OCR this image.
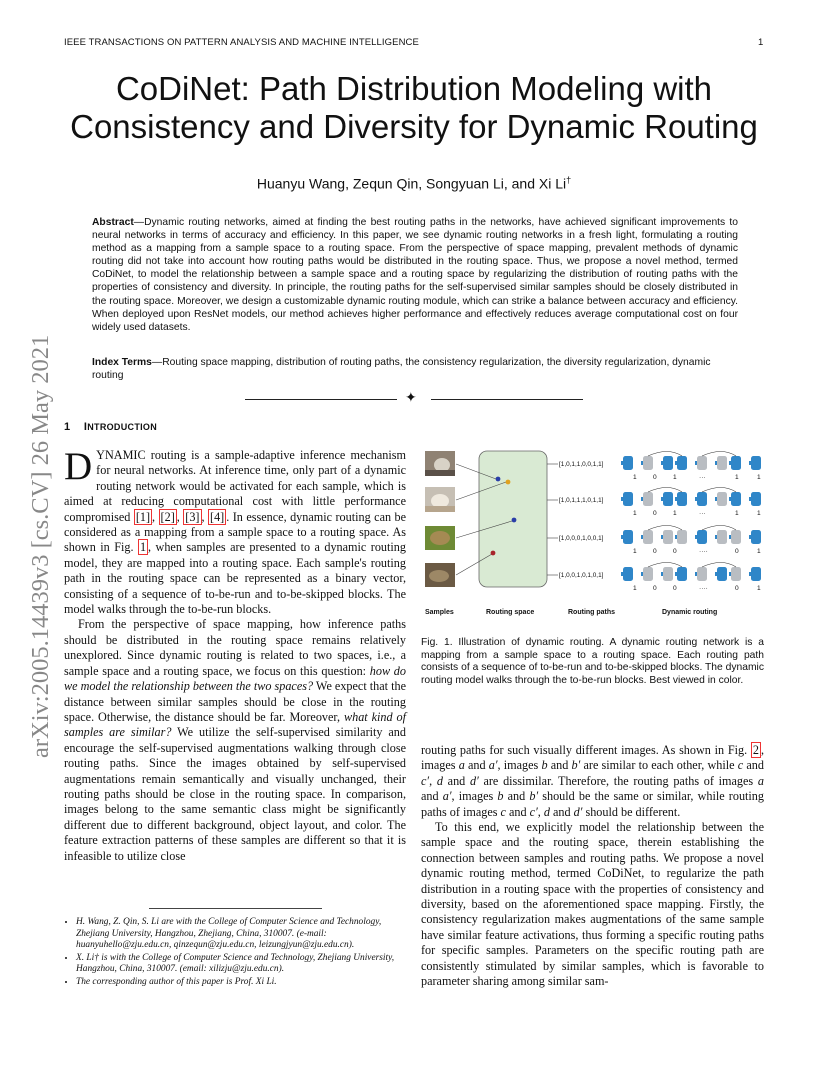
IEEE TRANSACTIONS ON PATTERN ANALYSIS AND MACHINE INTELLIGENCE	1
arXiv:2005.14439v3 [cs.CV] 26 May 2021
CoDiNet: Path Distribution Modeling with
Consistency and Diversity for Dynamic Routing
Huanyu Wang, Zequn Qin, Songyuan Li, and Xi Li†
Abstract—Dynamic routing networks, aimed at finding the best routing paths in the networks, have achieved significant improvements to neural networks in terms of accuracy and efficiency. In this paper, we see dynamic routing networks in a fresh light, formulating a routing method as a mapping from a sample space to a routing space. From the perspective of space mapping, prevalent methods of dynamic routing did not take into account how routing paths would be distributed in the routing space. Thus, we propose a novel method, termed CoDiNet, to model the relationship between a sample space and a routing space by regularizing the distribution of routing paths with the properties of consistency and diversity. In principle, the routing paths for the self-supervised similar samples should be closely distributed in the routing space. Moreover, we design a customizable dynamic routing module, which can strike a balance between accuracy and efficiency. When deployed upon ResNet models, our method achieves higher performance and effectively reduces average computational cost on four widely used datasets.
Index Terms—Routing space mapping, distribution of routing paths, the consistency regularization, the diversity regularization, dynamic routing
✦
1 INTRODUCTION

DYNAMIC routing is a sample-adaptive inference mechanism for neural networks. At inference time, only part of a dynamic routing network would be activated for each sample, which is aimed at reducing computational cost with little performance compromised [1] , [2] , [3] , [4] . In essence, dynamic routing can be considered as a mapping from a sample space to a routing space. As shown in Fig. 1 , when samples are presented to a dynamic routing model, they are mapped into a routing space. Each sample's routing path in the routing space can be represented as a binary vector, consisting of a sequence of to-be-run and to-be-skipped blocks. The model walks through the to-be-run blocks.

From the perspective of space mapping, how inference paths should be distributed in the routing space remains relatively unexplored. Since dynamic routing is related to two spaces, i.e., a sample space and a routing space, we focus on this question: how do we model the relationship between the two spaces? We expect that the distance between similar samples should be close in the routing space. Otherwise, the distance should be far. Moreover, what kind of samples are similar? We utilize the self-supervised similarity and encourage the self-supervised augmentations walking through close routing paths. Since the images obtained by self-supervised augmentations remain semantically and visually unchanged, their routing paths should be close in the routing space. In comparison, images belong to the same semantic class might be significantly different due to different background, object layout, and color. The feature extraction patterns of these samples are different so that it is infeasible to utilize close

• H. Wang, Z. Qin, S. Li are with the College of Computer Science and Technology, Zhejiang University, Hangzhou, Zhejiang, China, 310007. (e-mail: huanyuhello@zju.edu.cn, qinzequn@zju.edu.cn, leizungjyun@zju.edu.cn).
• X. Li† is with the College of Computer Science and Technology, Zhejiang University, Hangzhou, China, 310007. (email: xilizju@zju.edu.cn).
• The corresponding author of this paper is Prof. Xi Li.
[1,0,1,1,0,0,1,1]
[1,0,1,1,1,0,1,1]
[1,0,0,0,1,0,0,1]
[1,0,0,1,0,1,0,1]
1 0 1	···	1	1
1 0 1	···	1	1
1 0 0	····	0	1
1 0 0	····	0	1
Samples	Routing space	Routing paths	Dynamic routing
Fig. 1. Illustration of dynamic routing. A dynamic routing network is a mapping from a sample space to a routing space. Each routing path consists of a sequence of to-be-run and to-be-skipped blocks. The dynamic routing model walks through the to-be-run blocks. Best viewed in color.

routing paths for such visually different images. As shown in Fig. 2 , images a and a′, images b and b′ are similar to each other, while c and c′, d and d′ are dissimilar. Therefore, the routing paths of images a and a′, images b and b′ should be the same or similar, while routing paths of images c and c′, d and d′ should be different.

To this end, we explicitly model the relationship between the sample space and the routing space, therein establishing the connection between samples and routing paths. We propose a novel dynamic routing method, termed CoDiNet, to regularize the path distribution in a routing space with the properties of consistency and diversity, based on the aforementioned space mapping. Firstly, the consistency regularization makes augmentations of the same sample have similar feature activations, thus forming a specific routing paths for specific samples. Parameters on the specific routing path are consistently stimulated by similar samples, which is favorable to parameter sharing among similar sam-
